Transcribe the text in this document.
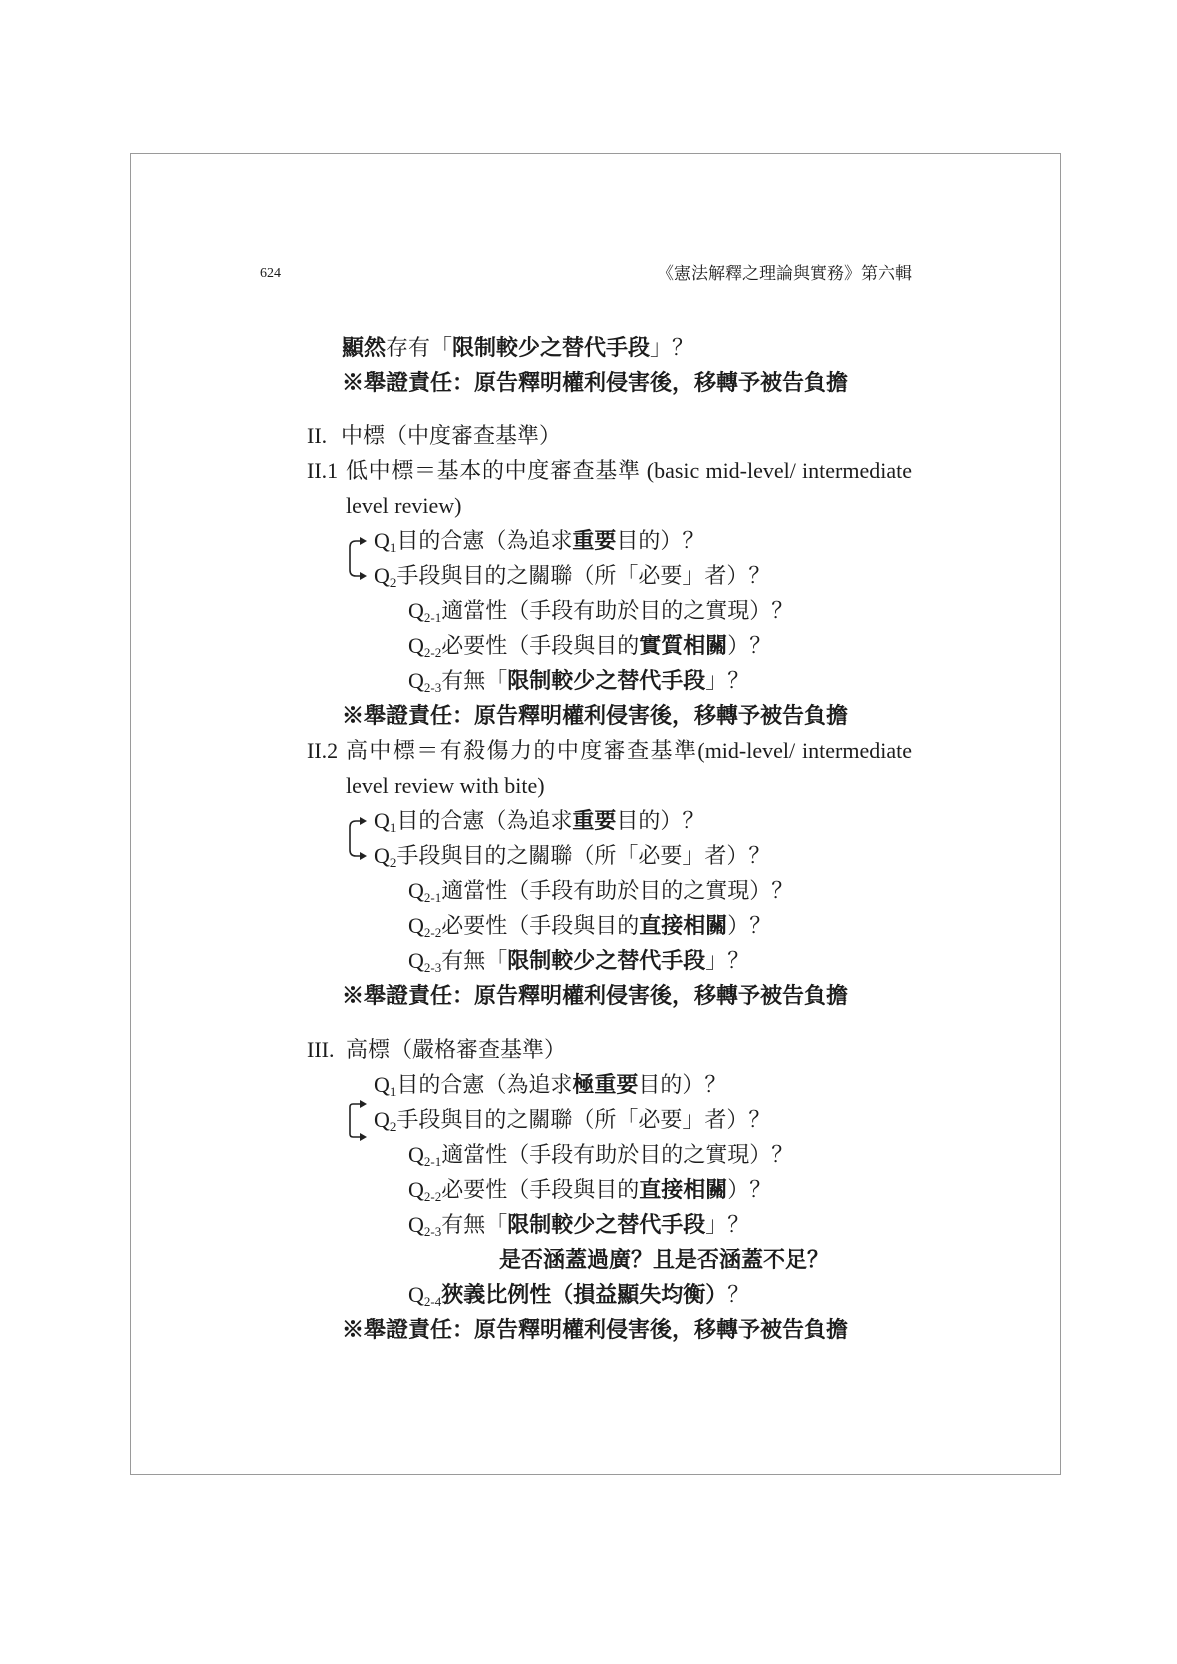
624	《憲法解釋之理論與實務》第六輯
顯然存有「限制較少之替代手段」？
※舉證責任：原告釋明權利侵害後，移轉予被告負擔
II. 中標（中度審查基準）
II.1 低中標＝基本的中度審查基準 (basic mid-level/ intermediate
level review)
$Q_1$目的合憲（為追求重要目的）？
$Q_2$手段與目的之關聯（所「必要」者）？
$Q_{2-1}$適當性（手段有助於目的之實現）？
$Q_{2-2}$必要性（手段與目的實質相關）？
$Q_{2-3}$有無「限制較少之替代手段」？
※舉證責任：原告釋明權利侵害後，移轉予被告負擔
II.2 高中標＝有殺傷力的中度審查基準(mid-level/ intermediate
level review with bite)
$Q_1$目的合憲（為追求重要目的）？
$Q_2$手段與目的之關聯（所「必要」者）？
$Q_{2-1}$適當性（手段有助於目的之實現）？
$Q_{2-2}$必要性（手段與目的直接相關）？
$Q_{2-3}$有無「限制較少之替代手段」？
※舉證責任：原告釋明權利侵害後，移轉予被告負擔
III. 高標（嚴格審查基準）
$Q_1$目的合憲（為追求極重要目的）？
$Q_2$手段與目的之關聯（所「必要」者）？
$Q_{2-1}$適當性（手段有助於目的之實現）？
$Q_{2-2}$必要性（手段與目的直接相關）？
$Q_{2-3}$有無「限制較少之替代手段」？
是否涵蓋過廣？且是否涵蓋不足？
$Q_{2-4}$狹義比例性（損益顯失均衡）？
※舉證責任：原告釋明權利侵害後，移轉予被告負擔
